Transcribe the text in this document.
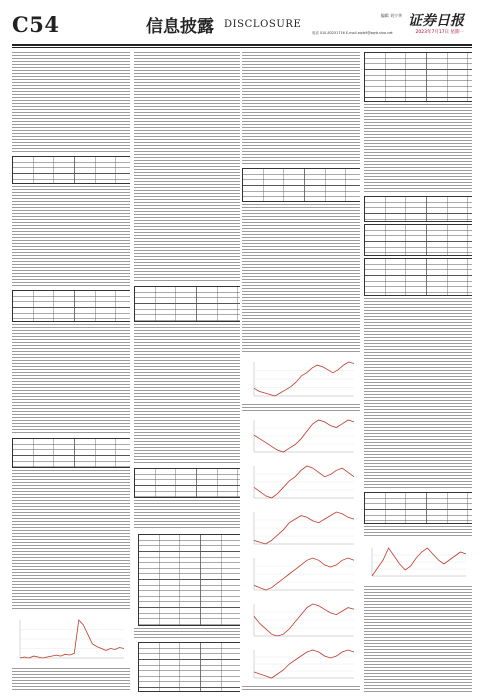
C54	信息披露 DISCLOSURE
编辑 刘少华 证券日报
电话 010-83251716 E-mail zqrb9@zqrb.sina.net	2023年7月17日 星期一
